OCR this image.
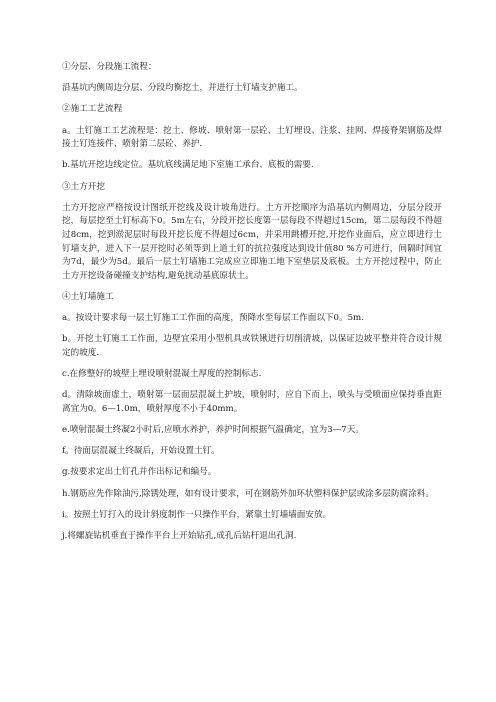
①分层、分段施工流程：

沿基坑内侧周边分层、分段均衡挖土，并进行土钉墙支护施工。

②施工工艺流程

a。土钉施工工艺流程是：挖土、修坡、喷射第一层砼、土钉埋设、注浆、挂网、焊接脊架钢筋及焊接土钉连接件、喷射第二层砼、养护.

b.基坑开挖边线定位。基坑底线满足地下室施工承台、底板的需要.

③土方开挖

土方开挖应严格按设计图纸开挖线及设计坡角进行。土方开挖顺序为沿基坑内侧周边，分层分段开挖，每层挖至土钉标高下0。5m左右，分段开挖长度第一层每段不得超过15cm，第二层每段不得超过8cm，挖到淤泥层时每段开挖长度不得超过6cm，并采用跳槽开挖,开挖作业面后，应立即进行土钉墙支护，进入下一层开挖时必须等到上道土钉的抗拉强度达到设计值80 %方可进行，间隔时间宜为7d，最少为5d。最后一层土钉墙施工完成应立即施工地下室垫层及底板。土方开挖过程中，防止土方开挖设备碰撞支护结构,避免扰动基底原状土。

④土钉墙施工

a。按设计要求每一层土钉施工工作面的高度，预降水至每层工作面以下0。5m.

b。开挖土钉施工工作面，边壁宜采用小型机具或铁锹进行切削清坡，以保证边坡平整并符合设计规定的坡度.

c.在修整好的坡壁上埋设喷射混凝土厚度的控制标志.

d。清除坡面虚土，喷射第一层面层混凝土护坡，喷射时，应自下而上，喷头与受喷面应保持垂直距离宜为0。6—1.0m，喷射厚度不小于40mm。

e.喷射混凝土终凝2小时后,应喷水养护，养护时间根据气温确定，宜为3—7天。

f。待面层混凝土终凝后，开始设置土钉。

g.按要求定出土钉孔并作出标记和编号。

h.钢筋应先作除油污,除锈处理，如有设计要求，可在钢筋外加环状塑料保护层或涂多层防腐涂料。

i。按照土钉打入的设计斜度制作一只操作平台，紧靠土钉墙墙面安放。

j.将螺旋钻机垂直于操作平台上开始钻孔,成孔后钻杆退出孔洞.
